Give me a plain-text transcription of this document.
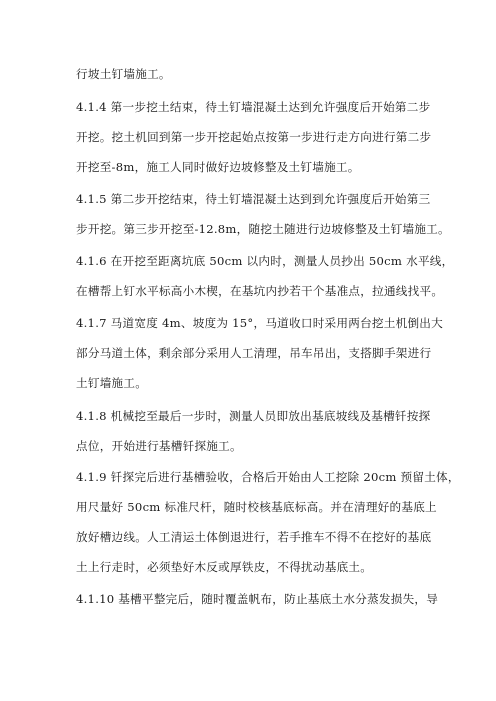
行坡土钉墙施工。
4.1.4 第一步挖土结束，待土钉墙混凝土达到允许强度后开始第二步
开挖。挖土机回到第一步开挖起始点按第一步进行走方向进行第二步
开挖至-8m，施工人同时做好边坡修整及土钉墙施工。
4.1.5 第二步开挖结束，待土钉墙混凝土达到到允许强度后开始第三
步开挖。第三步开挖至-12.8m，随挖土随进行边坡修整及土钉墙施工。
4.1.6 在开挖至距离坑底 50cm 以内时，测量人员抄出 50cm 水平线，
在槽帮上钉水平标高小木楔，在基坑内抄若干个基准点，拉通线找平。
4.1.7 马道宽度 4m、坡度为 15°，马道收口时采用两台挖土机倒出大
部分马道土体，剩余部分采用人工清理，吊车吊出，支搭脚手架进行
土钉墙施工。
4.1.8 机械挖至最后一步时，测量人员即放出基底坡线及基槽钎按探
点位，开始进行基槽钎探施工。
4.1.9 钎探完后进行基槽验收，合格后开始由人工挖除 20cm 预留土体，
用尺量好 50cm 标准尺杆，随时校核基底标高。并在清理好的基底上
放好槽边线。人工清运土体倒退进行，若手推车不得不在挖好的基底
土上行走时，必须垫好木反或厚铁皮，不得扰动基底土。
4.1.10 基槽平整完后，随时覆盖帆布，防止基底土水分蒸发损失，导
